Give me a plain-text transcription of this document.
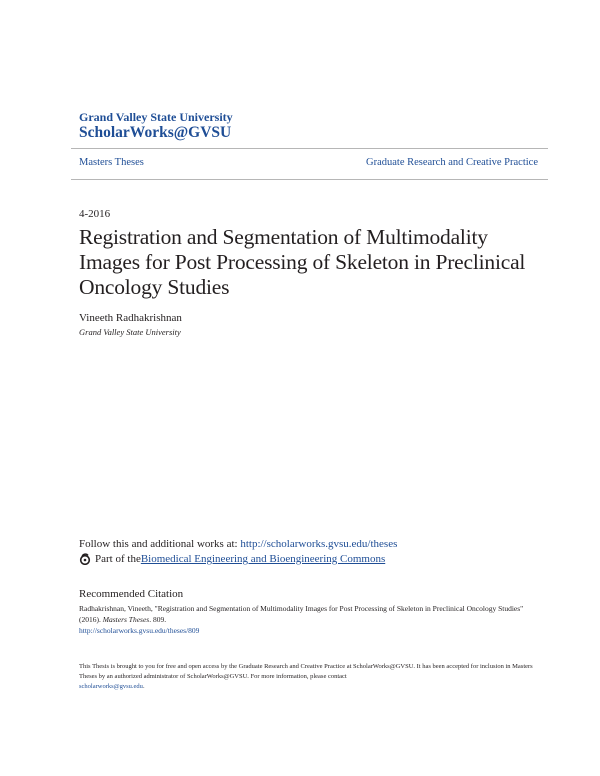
Grand Valley State University
ScholarWorks@GVSU
Masters Theses	Graduate Research and Creative Practice
4-2016
Registration and Segmentation of Multimodality Images for Post Processing of Skeleton in Preclinical Oncology Studies
Vineeth Radhakrishnan
Grand Valley State University
Follow this and additional works at: http://scholarworks.gvsu.edu/theses
Part of the Biomedical Engineering and Bioengineering Commons
Recommended Citation
Radhakrishnan, Vineeth, "Registration and Segmentation of Multimodality Images for Post Processing of Skeleton in Preclinical Oncology Studies" (2016). Masters Theses. 809.
http://scholarworks.gvsu.edu/theses/809
This Thesis is brought to you for free and open access by the Graduate Research and Creative Practice at ScholarWorks@GVSU. It has been accepted for inclusion in Masters Theses by an authorized administrator of ScholarWorks@GVSU. For more information, please contact
scholarworks@gvsu.edu.
